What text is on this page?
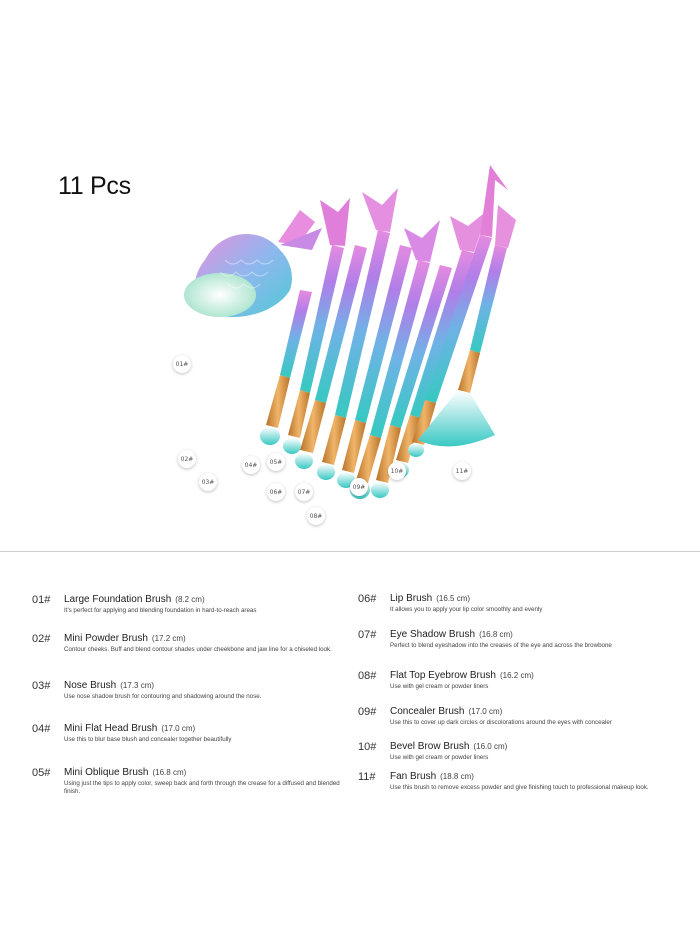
11 Pcs
01#
02#
03#
04#	05#
06#	07#
08#
09#
10#	11#
01# Large Foundation Brush (8.2 cm)
It's perfect for applying and blending foundation in hard-to-reach areas
02# Mini Powder Brush (17.2 cm)
Contour cheeks. Buff and blend contour shades under cheekbone and jaw line for a chiseled look.
03# Nose Brush (17.3 cm)
Use nose shadow brush for contouring and shadowing around the nose.
04# Mini Flat Head Brush (17.0 cm)
Use this to blur base blush and concealer together beautifully
05# Mini Oblique Brush (16.8 cm)
Using just the tips to apply color, sweep back and forth through the crease for a diffused and blended finish.
06# Lip Brush (16.5 cm)
It allows you to apply your lip color smoothly and evenly
07# Eye Shadow Brush (16.8 cm)
Perfect to blend eyeshadow into the creases of the eye and across the browbone
08# Flat Top Eyebrow Brush (16.2 cm)
Use with gel cream or powder liners
09# Concealer Brush (17.0 cm)
Use this to cover up dark circles or discolorations around the eyes with concealer
10# Bevel Brow Brush (16.0 cm)
Use with gel cream or powder liners
11# Fan Brush (18.8 cm)
Use this brush to remove excess powder and give finishing touch to professional makeup look.
